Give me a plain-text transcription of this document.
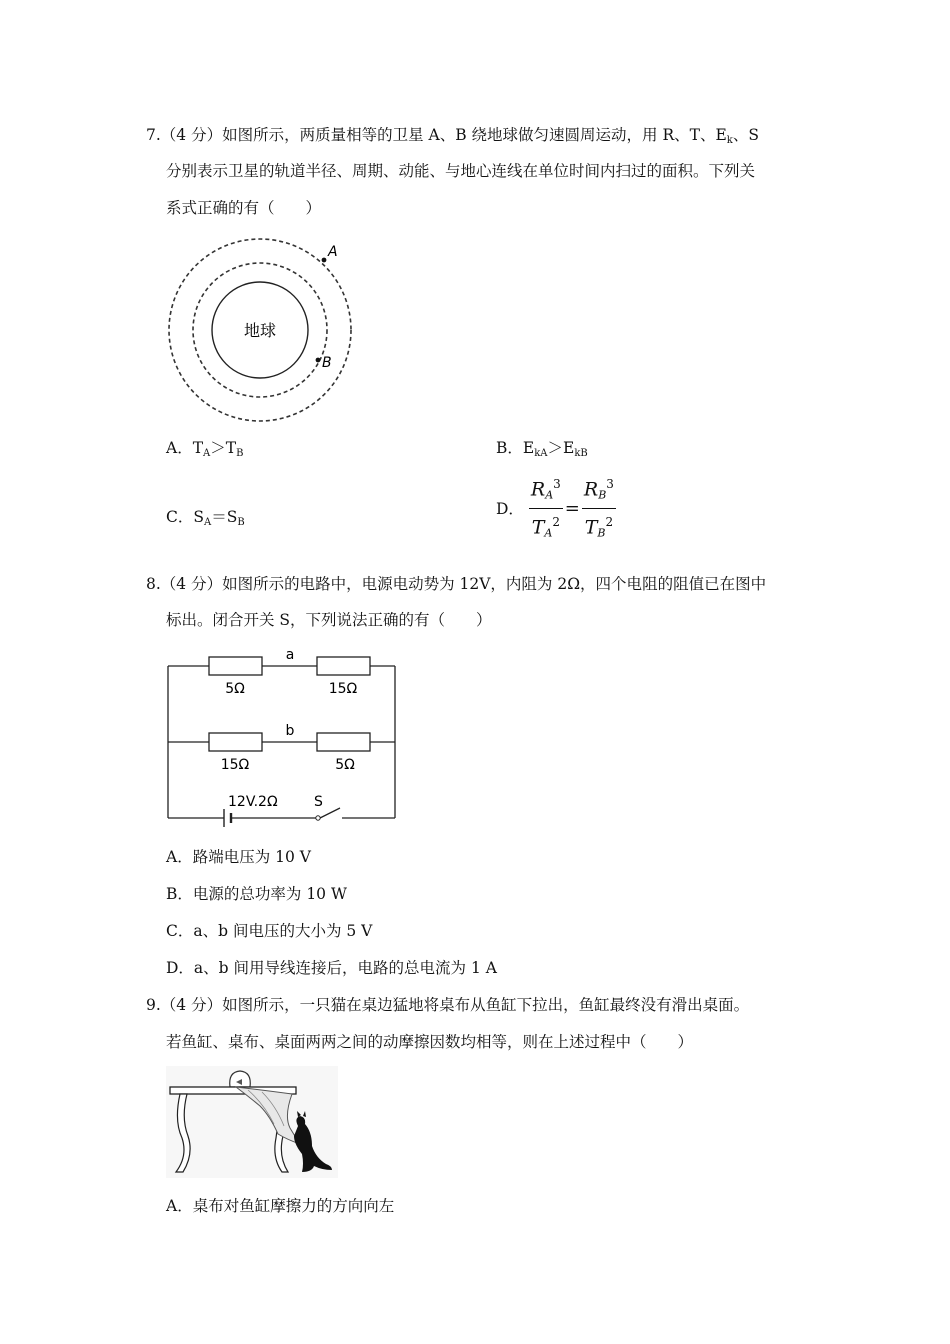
7.（4 分）如图所示，两质量相等的卫星 A、B 绕地球做匀速圆周运动，用 R、T、$E_k$、S
分别表示卫星的轨道半径、周期、动能、与地心连线在单位时间内扫过的面积。下列关
系式正确的有（　　）
地球
A
B
A．$T_A>T_B$	B．$E_{kA}>E_{kB}$
C．$S_A=S_B$
D． $\frac{R_A^3}{T_A^2} = \frac{R_B^3}{T_B^2}$
8.（4 分）如图所示的电路中，电源电动势为 12V，内阻为 2Ω，四个电阻的阻值已在图中
标出。闭合开关 S，下列说法正确的有（　　）
a
b
5Ω	15Ω
15Ω	5Ω
12V.2Ω	S
A．路端电压为 10 V
B．电源的总功率为 10 W
C．a、b 间电压的大小为 5 V
D．a、b 间用导线连接后，电路的总电流为 1 A
9.（4 分）如图所示，一只猫在桌边猛地将桌布从鱼缸下拉出，鱼缸最终没有滑出桌面。
若鱼缸、桌布、桌面两两之间的动摩擦因数均相等，则在上述过程中（　　）
A．桌布对鱼缸摩擦力的方向向左
